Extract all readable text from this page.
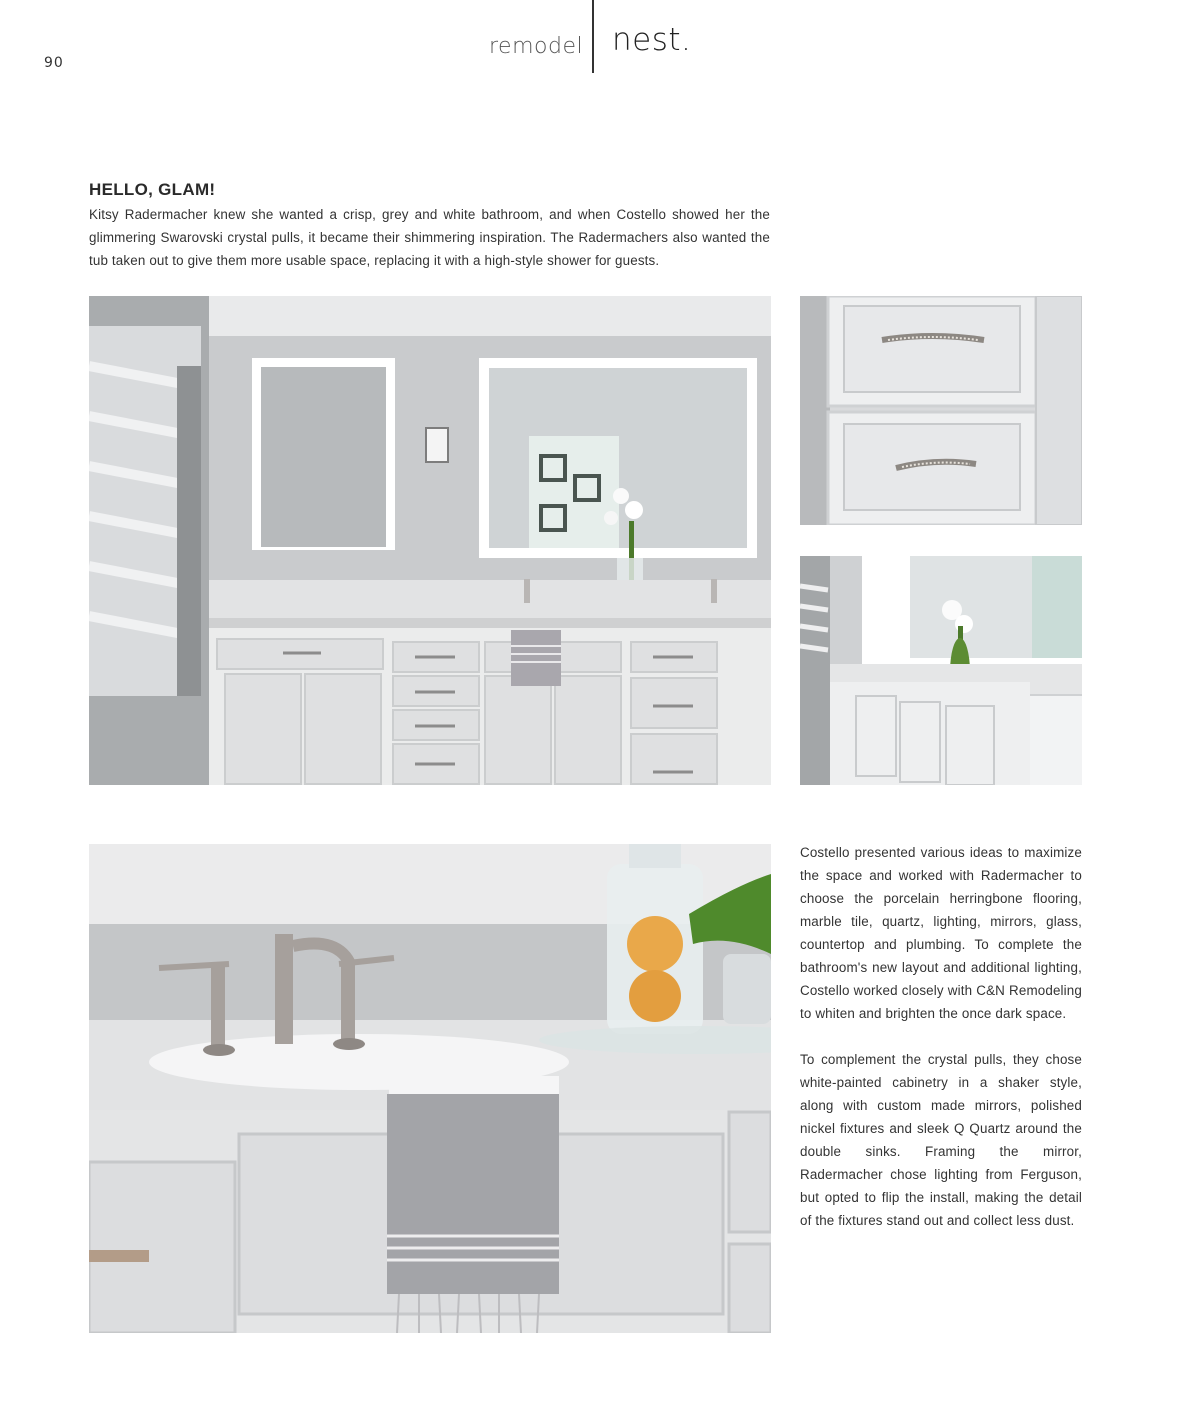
90
remodel nest.
HELLO, GLAM!

Kitsy Radermacher knew she wanted a crisp, grey and white bathroom, and when Costello showed her the glimmering Swarovski crystal pulls, it became their shimmering inspiration. The Radermachers also wanted the tub taken out to give them more usable space, replacing it with a high-style shower for guests.

Costello presented various ideas to maximize the space and worked with Radermacher to choose the porcelain herringbone flooring, marble tile, quartz, lighting, mirrors, glass, countertop and plumbing. To complete the bathroom's new layout and additional lighting, Costello worked closely with C&N Remodeling to whiten and brighten the once dark space.

To complement the crystal pulls, they chose white-painted cabinetry in a shaker style, along with custom made mirrors, polished nickel fixtures and sleek Q Quartz around the double sinks. Framing the mirror, Radermacher chose lighting from Ferguson, but opted to flip the install, making the detail of the fixtures stand out and collect less dust.
